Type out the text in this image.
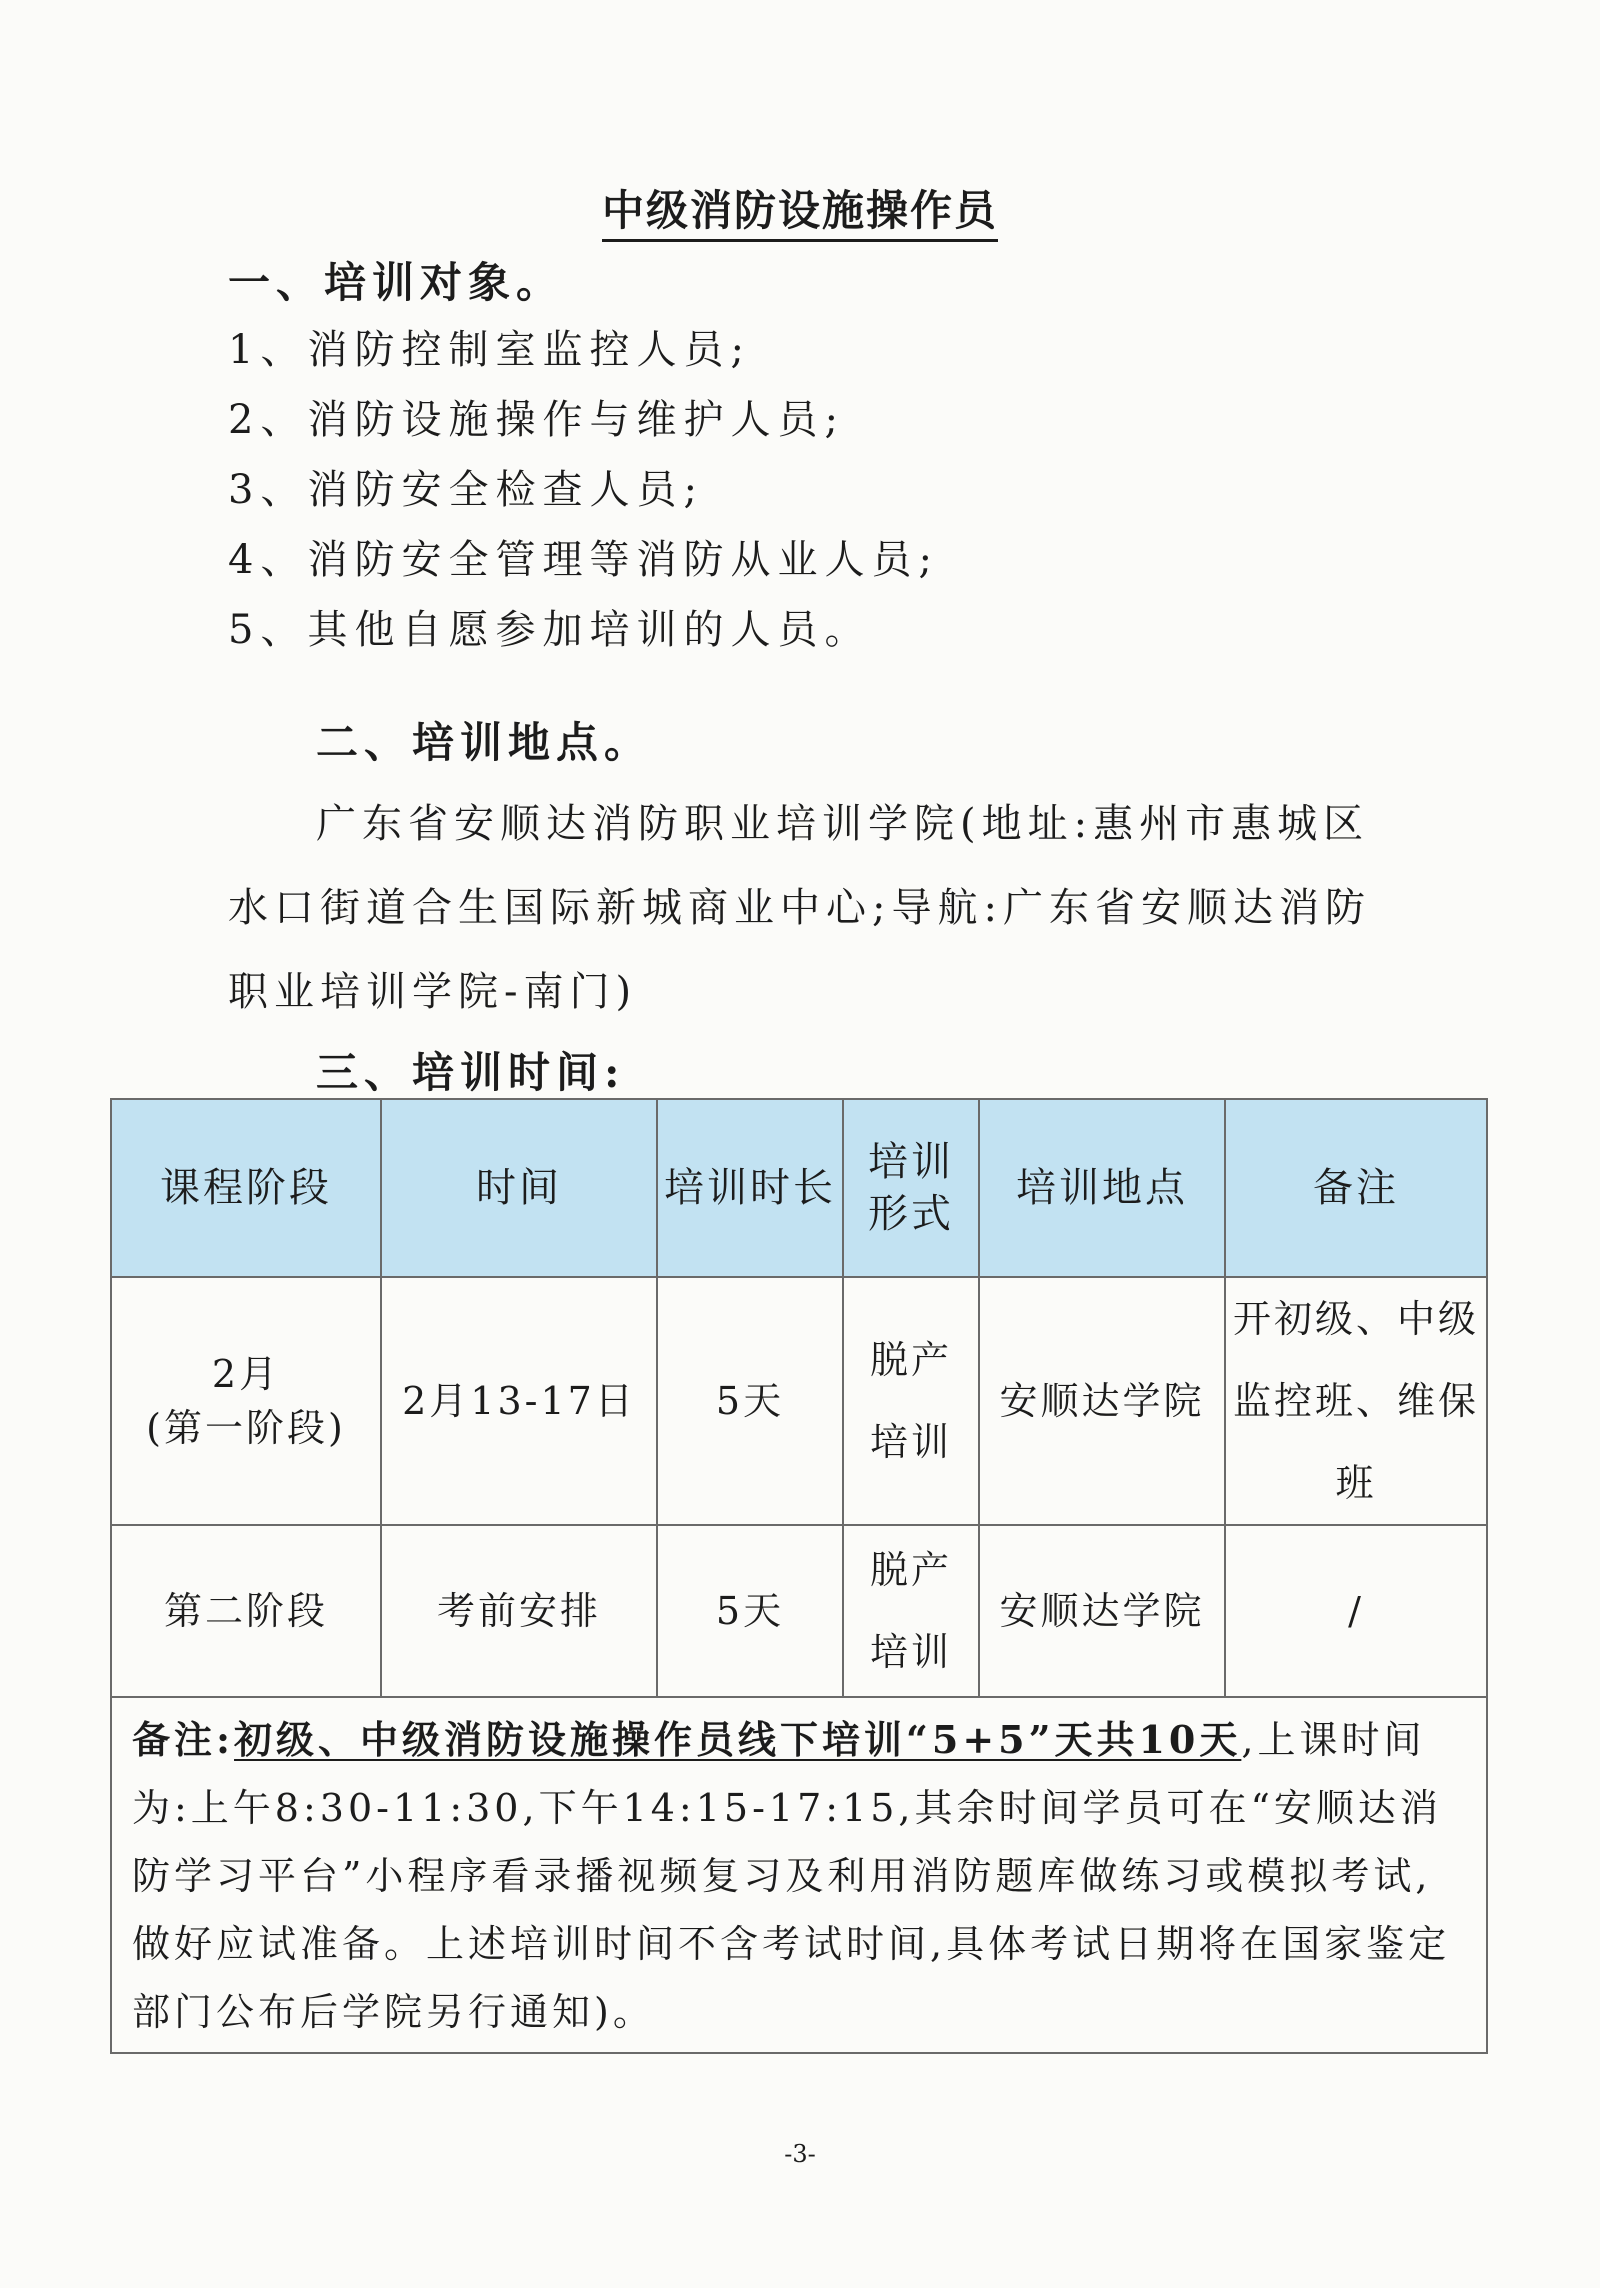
中级消防设施操作员
一、培训对象。
1、消防控制室监控人员;
2、消防设施操作与维护人员;
3、消防安全检查人员;
4、消防安全管理等消防从业人员;
5、其他自愿参加培训的人员。
二、培训地点。
广东省安顺达消防职业培训学院(地址:惠州市惠城区
水口街道合生国际新城商业中心;导航:广东省安顺达消防
职业培训学院-南门)
三、培训时间:
课程阶段	时间	培训时长	培训形式	培训地点	备注

2月
(第一阶段)	2月13-17日	5天	脱产培训	安顺达学院	开初级、中级监控班、维保班
第二阶段	考前安排	5天	脱产培训	安顺达学院	/
备注:初级、中级消防设施操作员线下培训“5+5”天共10天,上课时间为:上午8:30-11:30,下午14:15-17:15,其余时间学员可在“安顺达消防学习平台”小程序看录播视频复习及利用消防题库做练习或模拟考试,做好应试准备。上述培训时间不含考试时间,具体考试日期将在国家鉴定部门公布后学院另行通知)。					
-3-
